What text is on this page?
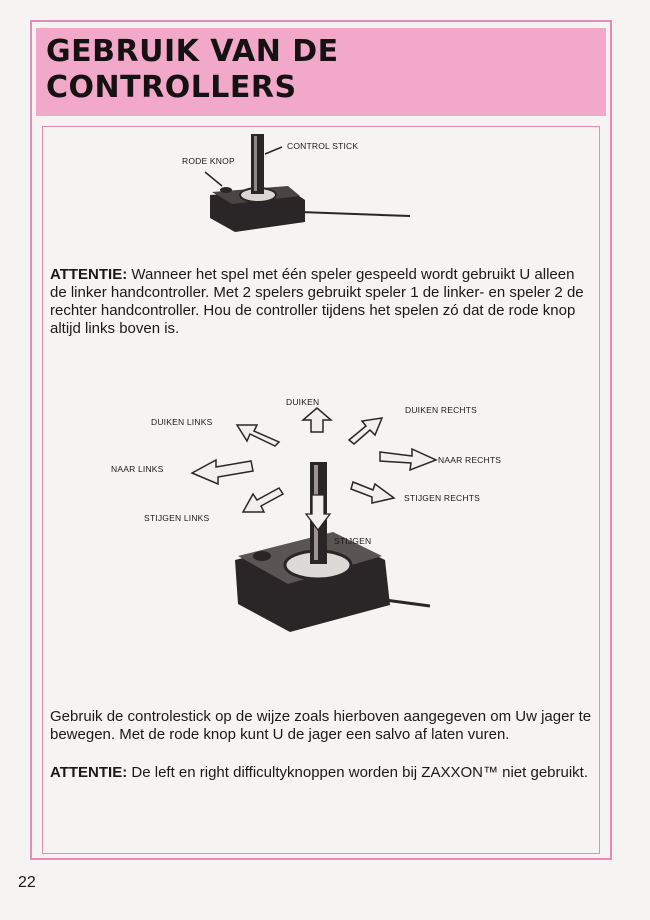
GEBRUIK VAN DE
CONTROLLERS
CONTROL STICK
RODE KNOP

ATTENTIE: Wanneer het spel met één speler gespeeld wordt gebruikt U alleen de linker handcontroller. Met 2 spelers gebruikt speler 1 de linker- en speler 2 de rechter handcontroller. Hou de controller tijdens het spelen zó dat de rode knop altijd links boven is.

DUIKEN
DUIKEN LINKS
DUIKEN RECHTS
NAAR LINKS
NAAR RECHTS
STIJGEN LINKS
STIJGEN RECHTS
STIJGEN

Gebruik de controlestick op de wijze zoals hierboven aangegeven om Uw jager te bewegen. Met de rode knop kunt U de jager een salvo af laten vuren.

ATTENTIE: De left en right difficultyknoppen worden bij ZAXXON™ niet gebruikt.

22
